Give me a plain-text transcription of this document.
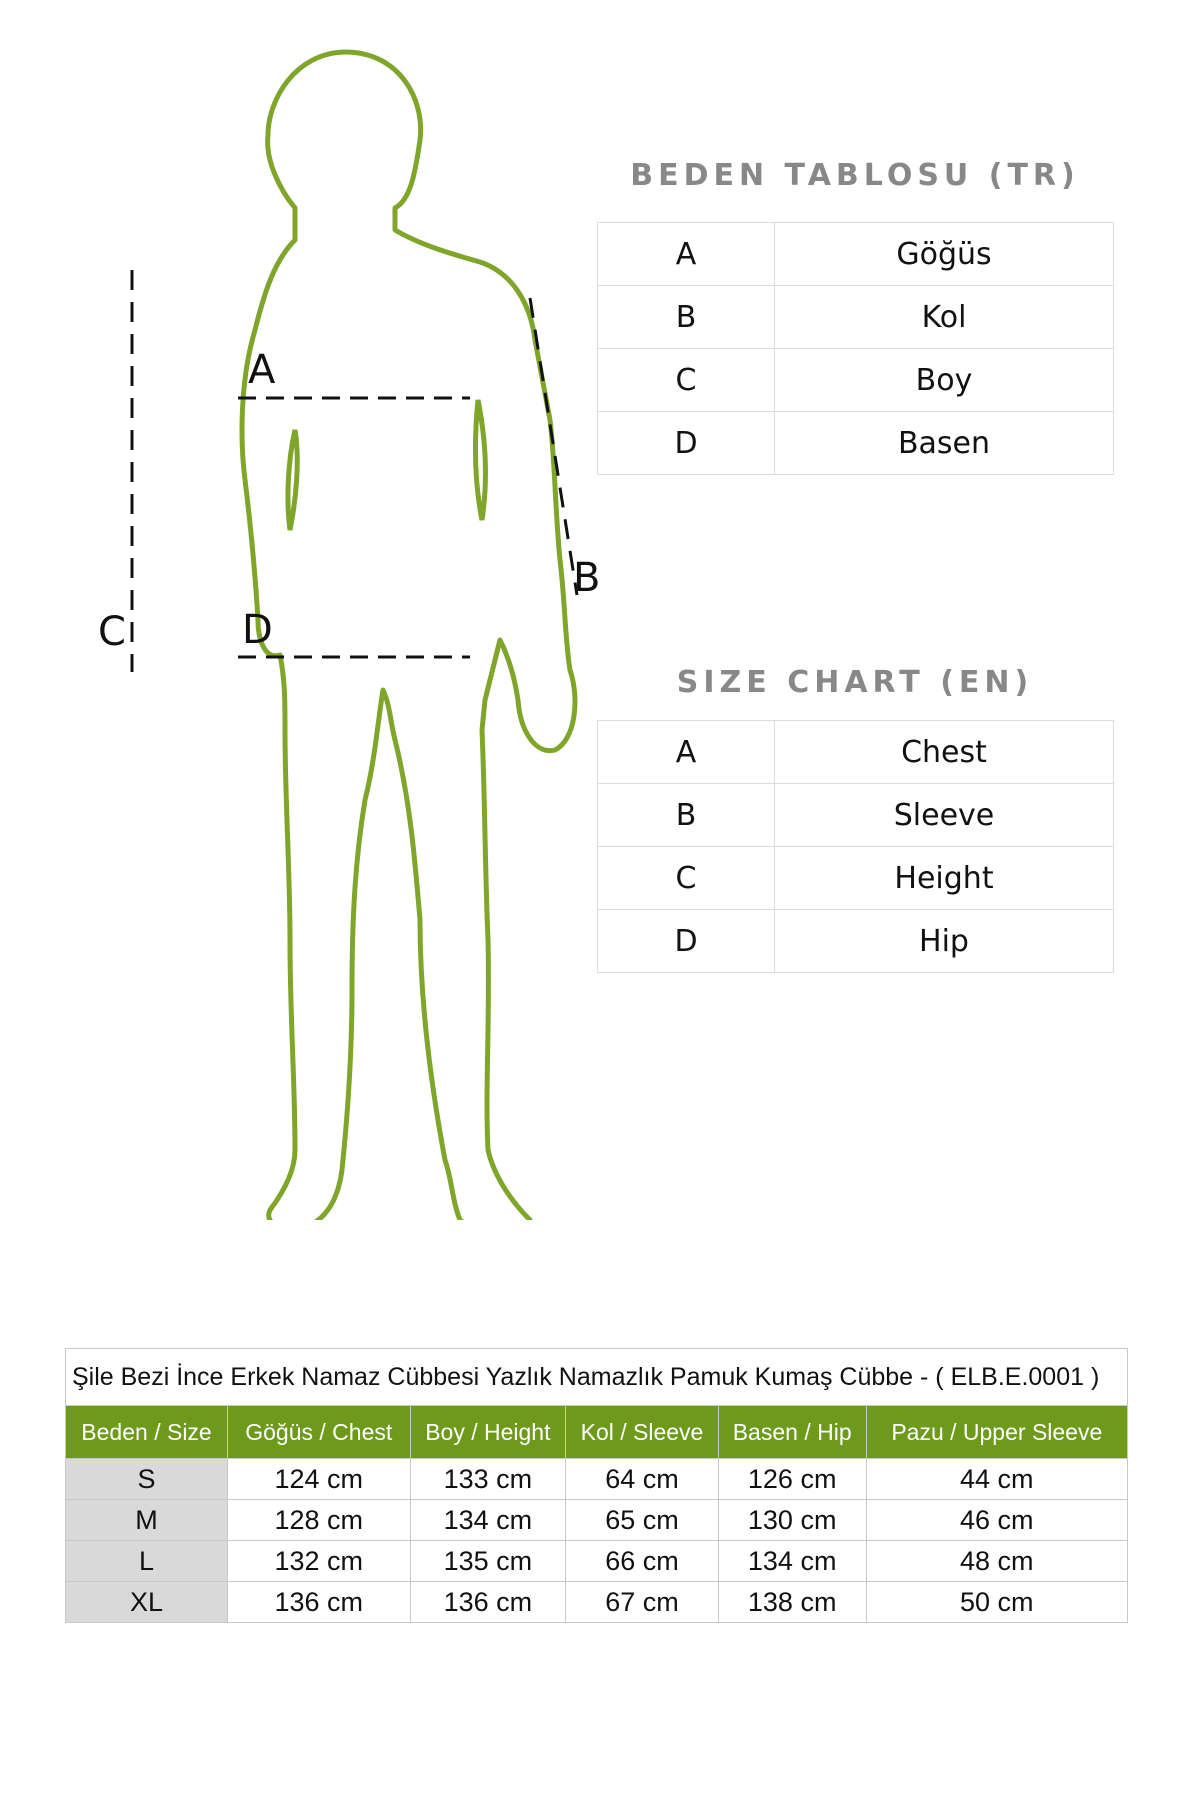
A
D
C
B
BEDEN TABLOSU (TR)
A	Göğüs
B	Kol
C	Boy
D	Basen
SIZE CHART (EN)
A	Chest
B	Sleeve
C	Height
D	Hip
Şile Bezi İnce Erkek Namaz Cübbesi Yazlık Namazlık Pamuk Kumaş Cübbe - ( ELB.E.0001 )					
Beden / Size	Göğüs / Chest	Boy / Height	Kol / Sleeve	Basen / Hip	Pazu / Upper Sleeve
S	124 cm	133 cm	64 cm	126 cm	44 cm
M	128 cm	134 cm	65 cm	130 cm	46 cm
L	132 cm	135 cm	66 cm	134 cm	48 cm
XL	136 cm	136 cm	67 cm	138 cm	50 cm
